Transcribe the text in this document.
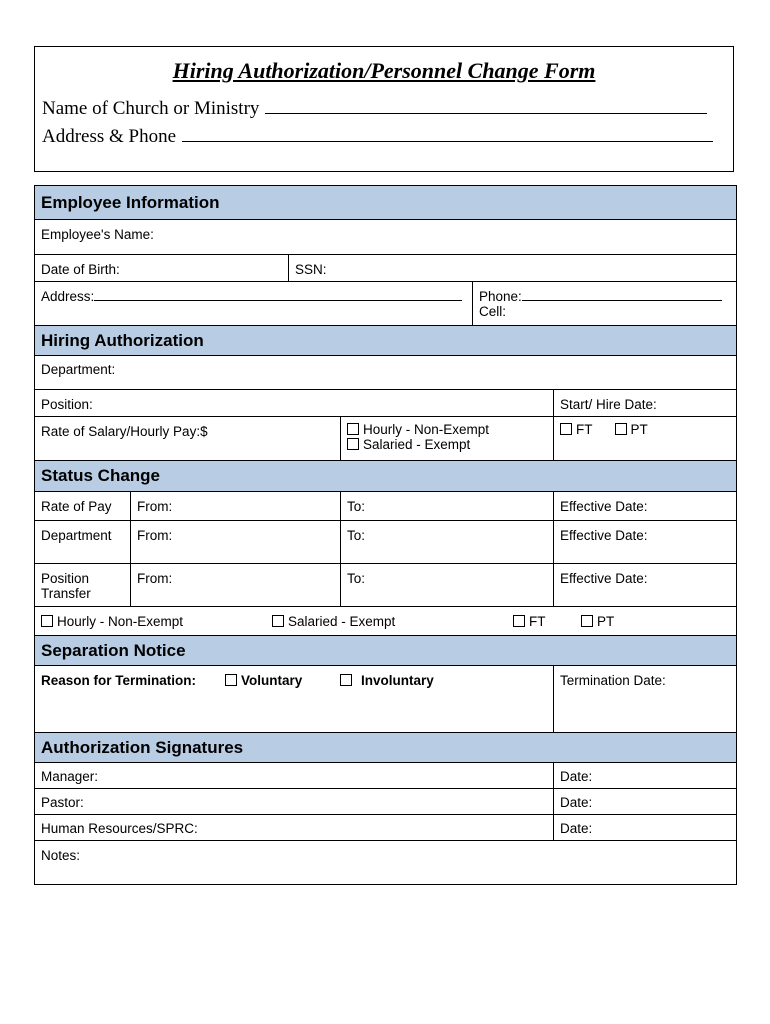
Hiring Authorization/Personnel Change Form
Name of Church or Ministry
Address & Phone
Employee Information					

Employee's Name:					

Date of Birth:		SSN:			

Address:				Phone:
Cell:	

Hiring Authorization					

Department:					

Position:					Start/ Hire Date:

Rate of Salary/Hourly Pay:$			Hourly - Non-Exempt
Salaried - Exempt		FT PT
Status Change					

Rate of Pay	From:		To:		Effective Date:

Department	From:		To:		Effective Date:

Position Transfer	From:		To:		Effective Date:

Hourly - Non-Exempt Salaried - Exempt FT PT					

Separation Notice					

Reason for Termination: Voluntary Involuntary					Termination Date:

Authorization Signatures					

Manager:					Date:

Pastor:					Date:

Human Resources/SPRC:					Date:

Notes:					
